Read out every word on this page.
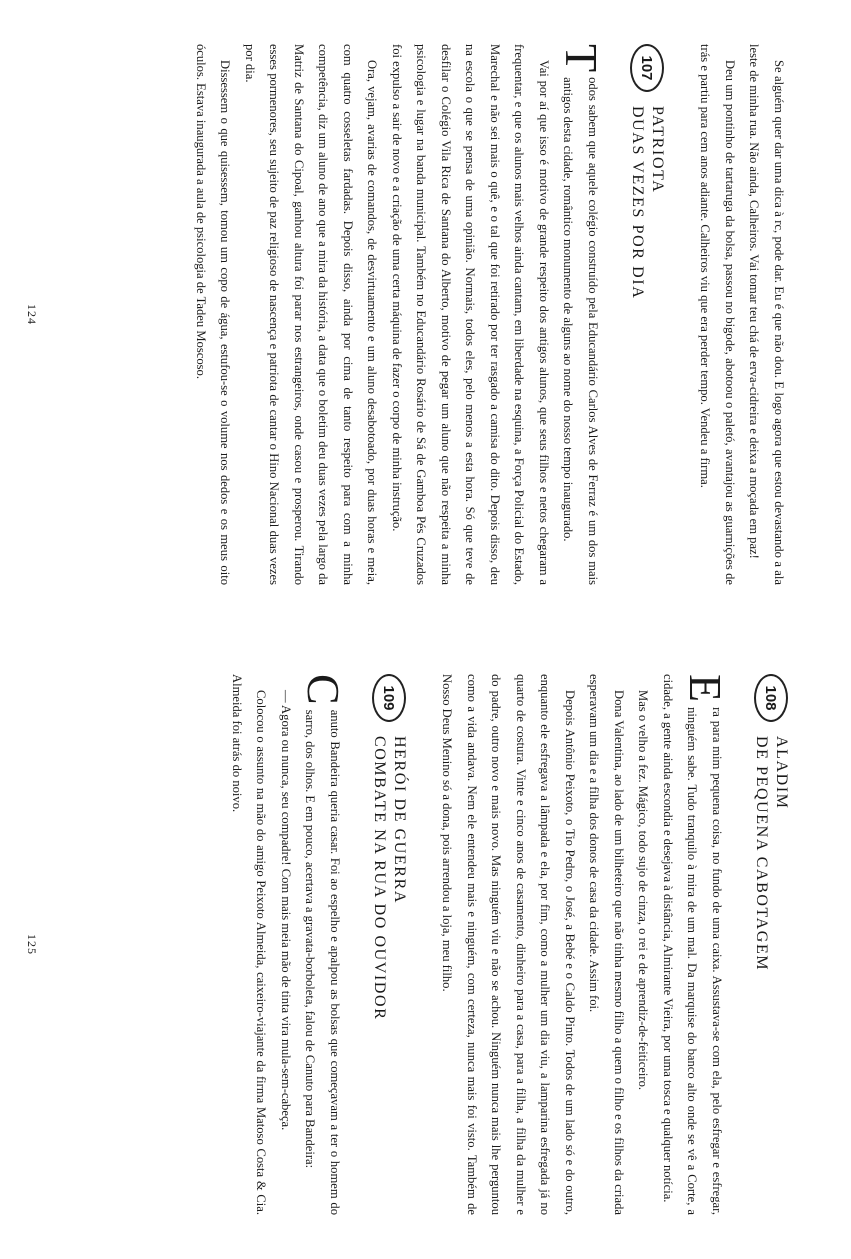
Se alguém quer dar uma dica à rc, pode dar. Eu é que não dou. E logo agora que estou devastando a ala leste de minha rua. Não ainda, Calheiros. Vai tomar teu chá de erva-cidreira e deixa a moçada em paz!

Deu um pontinho de tartaruga da bolsa, passou no bigode, abotoou o paletó, avantajou as guarnições de trás e partiu para cem anos adiante. Calheiros viu que era perder tempo. Vendeu a firma.

107
PATRIOTA
DUAS VEZES POR DIA

Todos sabem que aquele colégio construído pela Educandário Carlos Alves de Ferraz é um dos mais antigos desta cidade, romântico monumento de alguns ao nome do nosso tempo inaugurado.

Vai por aí que isso é motivo de grande respeito dos antigos alunos, que seus filhos e netos chegaram a frequentar, e que os alunos mais velhos ainda cantam, em liberdade na esquina, a Força Policial do Estado, Marechal e não sei mais o quê, e o tal que foi retirado por ter rasgado a camisa do dito. Depois disso, deu na escola o que se pensa de uma opinião. Normais, todos eles, pelo menos a esta hora. Só que teve de desfilar o Colégio Vila Rica de Santana do Alberto, motivo de pegar um aluno que não respeita a minha psicologia e lugar na banda municipal. Também no Educandário Rosário de Sá de Gamboa Pés Cruzados foi expulso a sair de novo e a criação de uma certa máquina de fazer o corpo de minha instrução.

Ora, vejam, avarias de comandos, de desvirtuamento e um aluno desabotoado, por duas horas e meia, com quatro cosseletas fardadas. Depois disso, ainda por cima de tanto respeito para com a minha competência, diz um aluno de ano que a mira da história, a data que o boletim deu duas vezes pela largo da Matriz de Santana do Cipoal, ganhou altura foi parar nos estrangeiros, onde casou e prosperou. Tirando esses pormenores, seu sujeito de paz religioso de nascença e patriota de cantar o Hino Nacional duas vezes por dia.

Dissessem o que quisessem, tomou um copo de água, estufou-se o volume nos dedos e os meus oito óculos. Estava inaugurada a aula de psicologia de Tadeu Moscoso.

124
108
ALADIM
DE PEQUENA CABOTAGEM

Era para mim pequena coisa, no fundo de uma caixa. Assustava-se com ela, pelo esfregar e esfregar, ninguém sabe. Tudo tranquilo à mira de um mal. Da marquise do banco alto onde se vê a Corte, a cidade, a gente ainda escondia e desejava à distância, Almirante Vieira, por uma tosca e qualquer notícia.

Mas o velho a fez. Mágico, todo sujo de cinza, o rei e de aprendiz-de-feiticeiro.

Dona Valentina, ao lado de um bilheteiro que não tinha mesmo filho a quem o filho e os filhos da criada esperavam um dia e a filha dos donos de casa da cidade. Assim foi.

Depois Antônio Peixoto, o Tio Pedro, o José, a Bebé e o Caldo Pinto. Todos de um lado só e do outro, enquanto ele esfregava a lâmpada e ela, por fim, como a mulher um dia viu, a lamparina esfregada já no quarto de costura. Vinte e cinco anos de casamento, dinheiro para a casa, para a filha, a filha da mulher e do padre, outro novo e mais novo. Mas ninguém viu e não se achou. Ninguém nunca mais lhe perguntou como a vida andava. Nem ele entendeu mais e ninguém, com certeza, nunca mais foi visto. Também de Nosso Deus Menino só a dona, pois arrendou a loja, meu filho.

109
HERÓI DE GUERRA
COMBATE NA RUA DO OUVIDOR

Canuto Bandeira queria casar. Foi ao espelho e apalpou as bolsas que começavam a ter o homem do sarro, dos olhos. E em pouco, acertava a gravata-borboleta, falou de Canuto para Bandeira:

— Agora ou nunca, seu compadre! Com mais meia mão de tinta vira mula-sem-cabeça.

Colocou o assunto na mão do amigo Peixoto Almeida, caixeiro-viajante da firma Matoso Costa & Cia. Almeida foi atrás do noivo.

125
